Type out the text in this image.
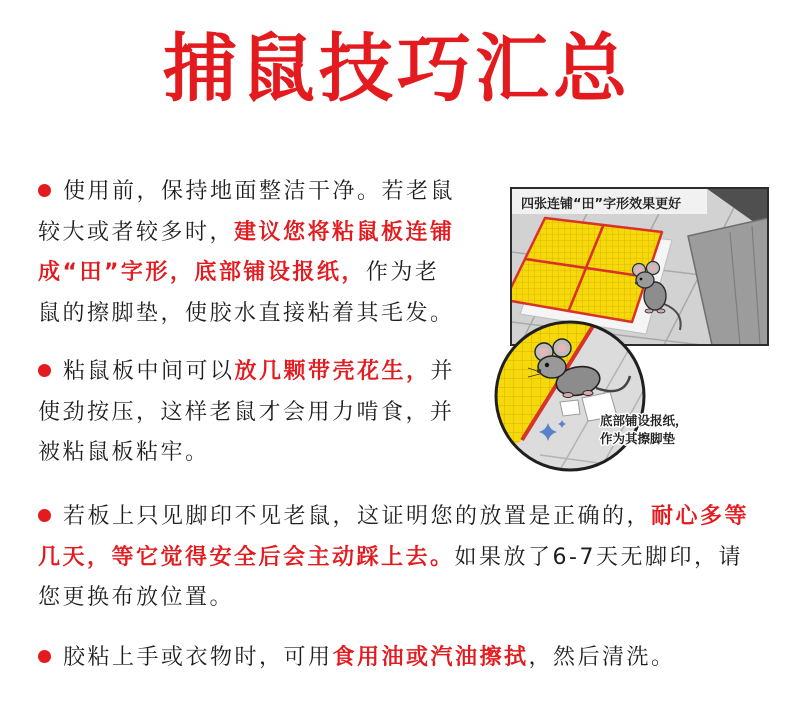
捕鼠技巧汇总
使用前，保持地面整洁干净。若老鼠
较大或者较多时，建议您将粘鼠板连铺
成“田”字形，底部铺设报纸，作为老
鼠的擦脚垫，使胶水直接粘着其毛发。
粘鼠板中间可以放几颗带壳花生，并
使劲按压，这样老鼠才会用力啃食，并
被粘鼠板粘牢。
若板上只见脚印不见老鼠，这证明您的放置是正确的，耐心多等
几天，等它觉得安全后会主动踩上去。如果放了6-7天无脚印，请
您更换布放位置。
胶粘上手或衣物时，可用食用油或汽油擦拭，然后清洗。
四张连铺“田”字形效果更好
底部铺设报纸，
作为其擦脚垫
